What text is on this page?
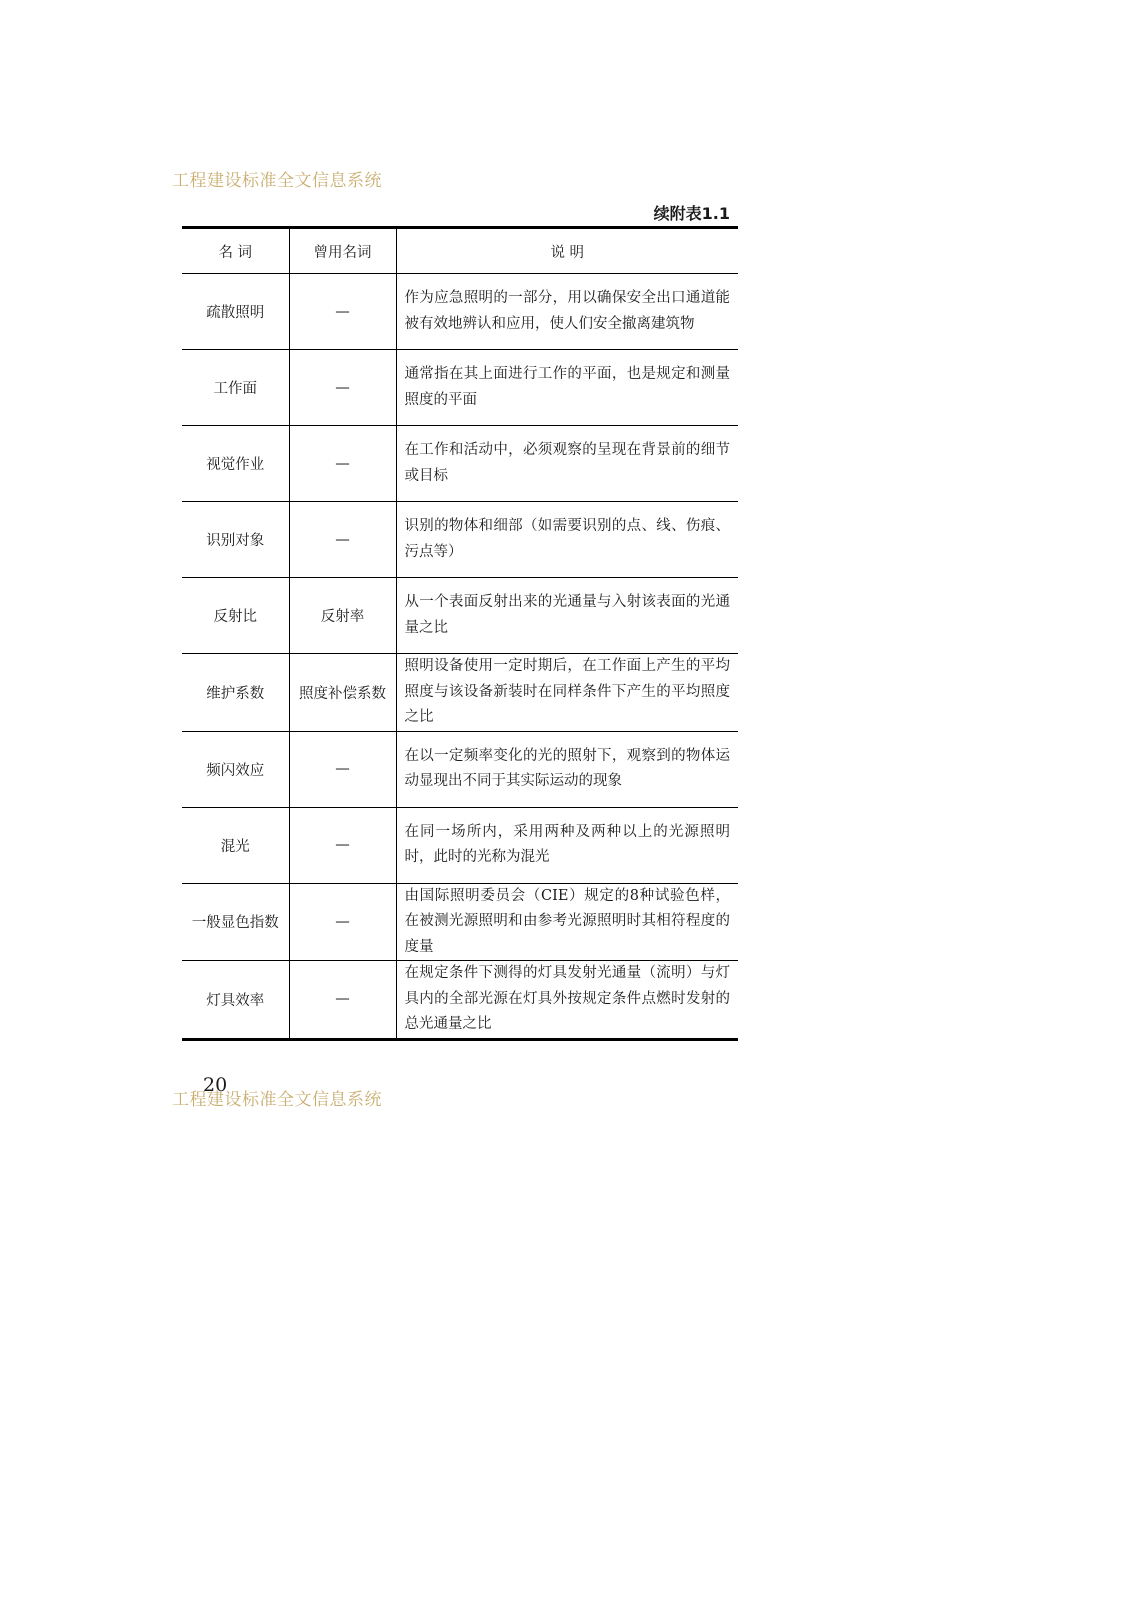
工程建设标准全文信息系统
续附表1.1
名 词	曾用名词	说 明
疏散照明	—	作为应急照明的一部分，用以确保安全出口通道能被有效地辨认和应用，使人们安全撤离建筑物
工作面	—	通常指在其上面进行工作的平面，也是规定和测量照度的平面
视觉作业	—	在工作和活动中，必须观察的呈现在背景前的细节或目标
识别对象	—	识别的物体和细部（如需要识别的点、线、伤痕、污点等）
反射比	反射率	从一个表面反射出来的光通量与入射该表面的光通量之比
维护系数	照度补偿系数	照明设备使用一定时期后，在工作面上产生的平均照度与该设备新装时在同样条件下产生的平均照度之比
频闪效应	—	在以一定频率变化的光的照射下，观察到的物体运动显现出不同于其实际运动的现象
混光	—	在同一场所内，采用两种及两种以上的光源照明时，此时的光称为混光
一般显色指数	—	由国际照明委员会（CIE）规定的8种试验色样，在被测光源照明和由参考光源照明时其相符程度的度量
灯具效率	—	在规定条件下测得的灯具发射光通量（流明）与灯具内的全部光源在灯具外按规定条件点燃时发射的总光通量之比
20
工程建设标准全文信息系统
